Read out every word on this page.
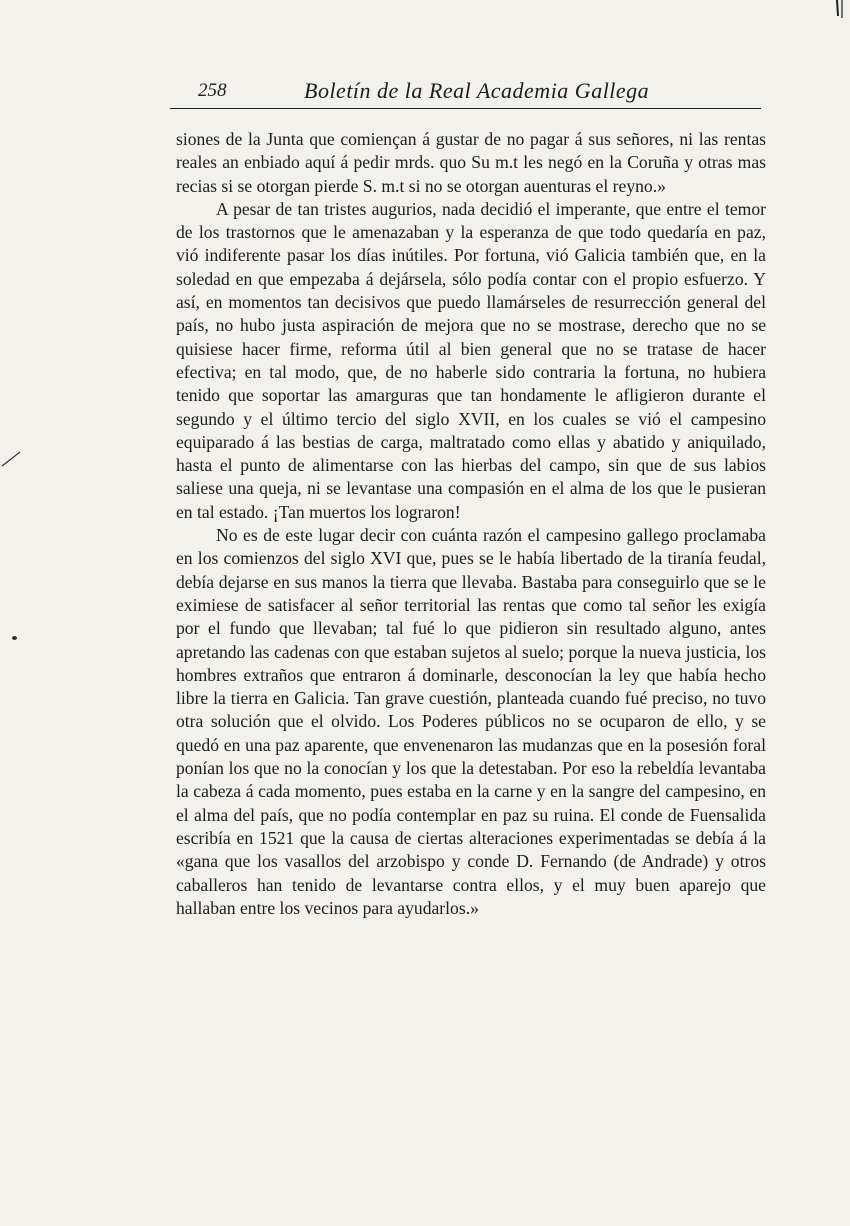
258	Boletín de la Real Academia Gallega

siones de la Junta que comiençan á gustar de no pagar á sus señores, ni las rentas reales an enbiado aquí á pedir mrds. quo Su m.t les negó en la Coruña y otras mas recias si se otorgan pierde S. m.t si no se otorgan auenturas el reyno.»

A pesar de tan tristes augurios, nada decidió el imperante, que entre el temor de los trastornos que le amenazaban y la esperanza de que todo quedaría en paz, vió indiferente pasar los días inútiles. Por fortuna, vió Galicia también que, en la soledad en que empezaba á dejársela, sólo podía contar con el propio esfuerzo. Y así, en momentos tan decisivos que puedo llamárseles de resurrección general del país, no hubo justa aspiración de mejora que no se mostrase, derecho que no se quisiese hacer firme, reforma útil al bien general que no se tratase de hacer efectiva; en tal modo, que, de no haberle sido contraria la fortuna, no hubiera tenido que soportar las amarguras que tan hondamente le afligieron durante el segundo y el último tercio del siglo XVII, en los cuales se vió el campesino equiparado á las bestias de carga, maltratado como ellas y abatido y aniquilado, hasta el punto de alimentarse con las hierbas del campo, sin que de sus labios saliese una queja, ni se levantase una compasión en el alma de los que le pusieran en tal estado. ¡Tan muertos los lograron!

No es de este lugar decir con cuánta razón el campesino gallego proclamaba en los comienzos del siglo XVI que, pues se le había libertado de la tiranía feudal, debía dejarse en sus manos la tierra que llevaba. Bastaba para conseguirlo que se le eximiese de satisfacer al señor territorial las rentas que como tal señor les exigía por el fundo que llevaban; tal fué lo que pidieron sin resultado alguno, antes apretando las cadenas con que estaban sujetos al suelo; porque la nueva justicia, los hombres extraños que entraron á dominarle, desconocían la ley que había hecho libre la tierra en Galicia. Tan grave cuestión, planteada cuando fué preciso, no tuvo otra solución que el olvido. Los Poderes públicos no se ocuparon de ello, y se quedó en una paz aparente, que envenenaron las mudanzas que en la posesión foral ponían los que no la conocían y los que la detestaban. Por eso la rebeldía levantaba la cabeza á cada momento, pues estaba en la carne y en la sangre del campesino, en el alma del país, que no podía contemplar en paz su ruina. El conde de Fuensalida escribía en 1521 que la causa de ciertas alteraciones experimentadas se debía á la «gana que los vasallos del arzobispo y conde D. Fernando (de Andrade) y otros caballeros han tenido de levantarse contra ellos, y el muy buen aparejo que hallaban entre los vecinos para ayudarlos.»
